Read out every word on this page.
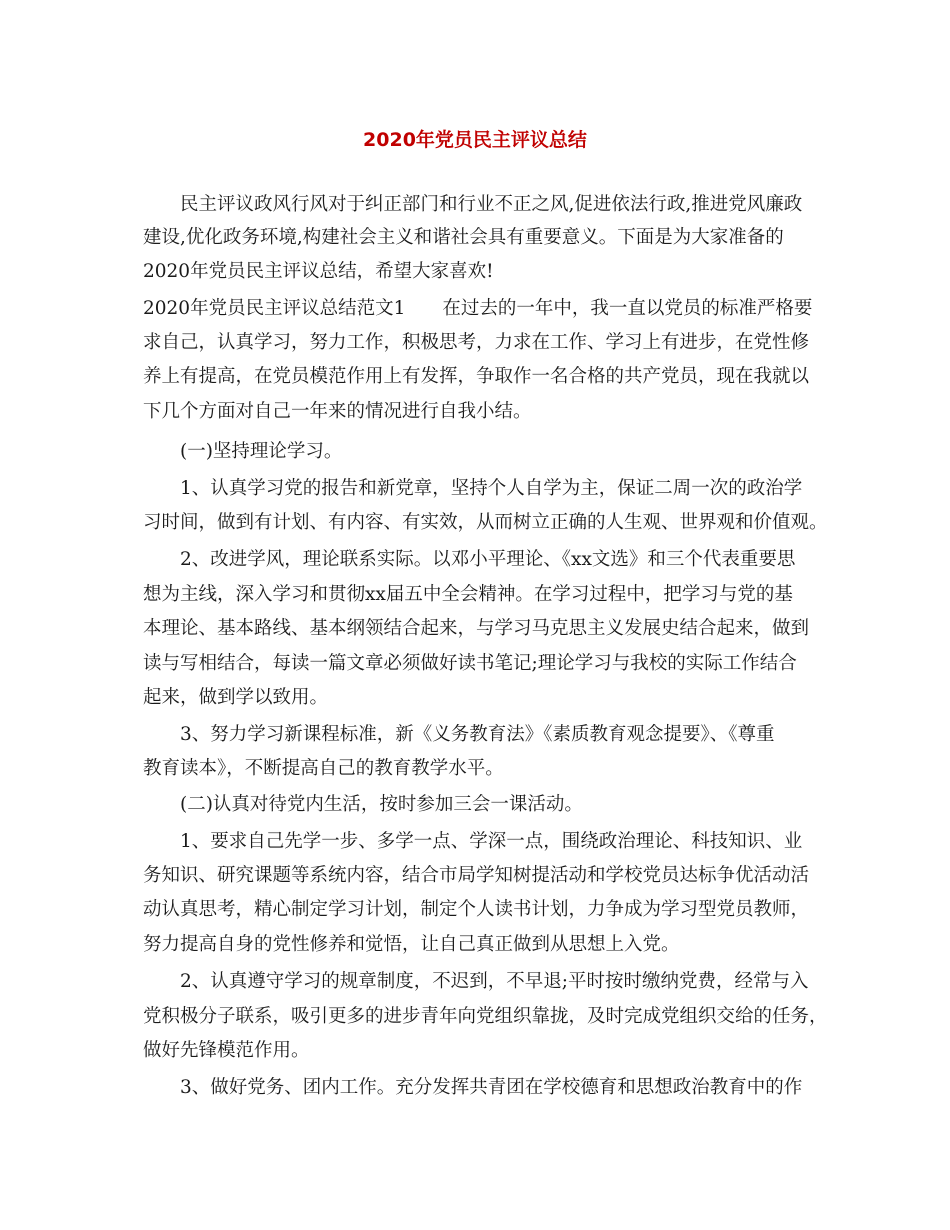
2020年党员民主评议总结
　　民主评议政风行风对于纠正部门和行业不正之风,促进依法行政,推进党风廉政
建设,优化政务环境,构建社会主义和谐社会具有重要意义。下面是为大家准备的
2020年党员民主评议总结，希望大家喜欢!
2020年党员民主评议总结范文1　　在过去的一年中，我一直以党员的标准严格要
求自己，认真学习，努力工作，积极思考，力求在工作、学习上有进步，在党性修
养上有提高，在党员模范作用上有发挥，争取作一名合格的共产党员，现在我就以
下几个方面对自己一年来的情况进行自我小结。
　　(一)坚持理论学习。
　　1、认真学习党的报告和新党章，坚持个人自学为主，保证二周一次的政治学
习时间，做到有计划、有内容、有实效，从而树立正确的人生观、世界观和价值观。
　　2、改进学风，理论联系实际。以邓小平理论、《xx文选》和三个代表重要思
想为主线，深入学习和贯彻xx届五中全会精神。在学习过程中，把学习与党的基
本理论、基本路线、基本纲领结合起来，与学习马克思主义发展史结合起来，做到
读与写相结合，每读一篇文章必须做好读书笔记;理论学习与我校的实际工作结合
起来，做到学以致用。
　　3、努力学习新课程标准，新《义务教育法》《素质教育观念提要》、《尊重
教育读本》，不断提高自己的教育教学水平。
　　(二)认真对待党内生活，按时参加三会一课活动。
　　1、要求自己先学一步、多学一点、学深一点，围绕政治理论、科技知识、业
务知识、研究课题等系统内容，结合市局学知树提活动和学校党员达标争优活动活
动认真思考，精心制定学习计划，制定个人读书计划，力争成为学习型党员教师，
努力提高自身的党性修养和觉悟，让自己真正做到从思想上入党。
　　2、认真遵守学习的规章制度，不迟到，不早退;平时按时缴纳党费，经常与入
党积极分子联系，吸引更多的进步青年向党组织靠拢，及时完成党组织交给的任务，
做好先锋模范作用。
　　3、做好党务、团内工作。充分发挥共青团在学校德育和思想政治教育中的作
